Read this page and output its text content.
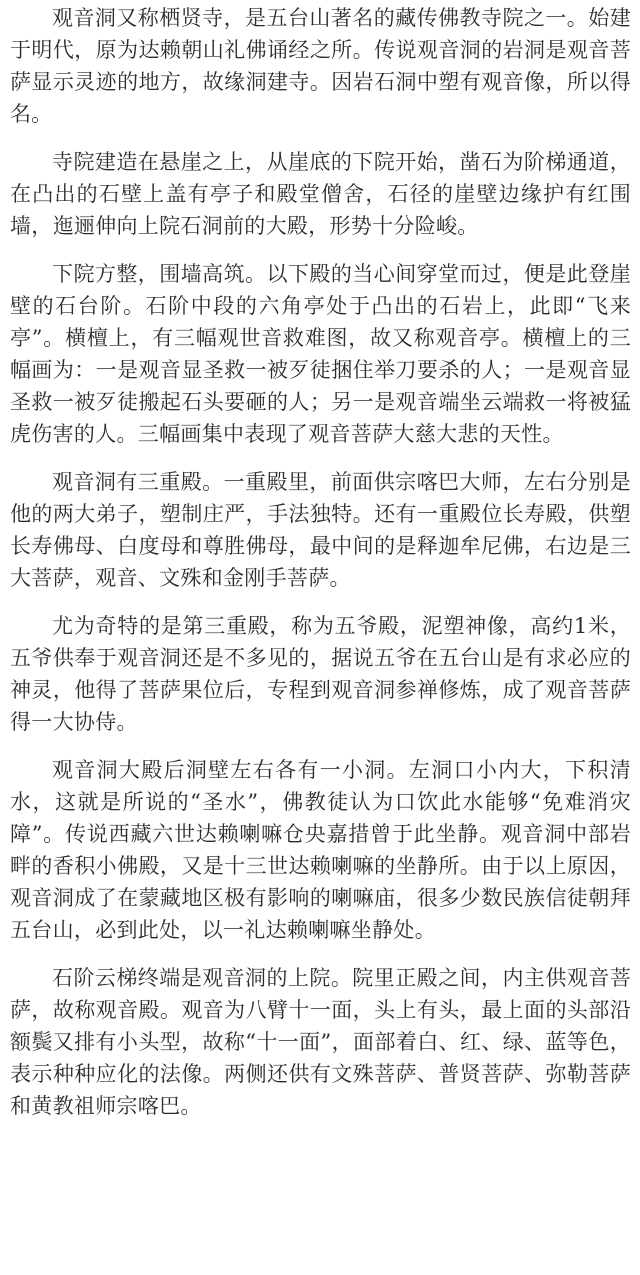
观音洞又称栖贤寺，是五台山著名的藏传佛教寺院之一。始建于明代，原为达赖朝山礼佛诵经之所。传说观音洞的岩洞是观音菩萨显示灵迹的地方，故缘洞建寺。因岩石洞中塑有观音像，所以得名。

寺院建造在悬崖之上，从崖底的下院开始，凿石为阶梯通道，在凸出的石壁上盖有亭子和殿堂僧舍，石径的崖壁边缘护有红围墙，迤逦伸向上院石洞前的大殿，形势十分险峻。

下院方整，围墙高筑。以下殿的当心间穿堂而过，便是此登崖壁的石台阶。石阶中段的六角亭处于凸出的石岩上，此即“飞来亭”。横檀上，有三幅观世音救难图，故又称观音亭。横檀上的三幅画为：一是观音显圣救一被歹徒捆住举刀要杀的人；一是观音显圣救一被歹徒搬起石头要砸的人；另一是观音端坐云端救一将被猛虎伤害的人。三幅画集中表现了观音菩萨大慈大悲的天性。

观音洞有三重殿。一重殿里，前面供宗喀巴大师，左右分别是他的两大弟子，塑制庄严，手法独特。还有一重殿位长寿殿，供塑长寿佛母、白度母和尊胜佛母，最中间的是释迦牟尼佛，右边是三大菩萨，观音、文殊和金刚手菩萨。

尤为奇特的是第三重殿，称为五爷殿，泥塑神像，高约1米，五爷供奉于观音洞还是不多见的，据说五爷在五台山是有求必应的神灵，他得了菩萨果位后，专程到观音洞参禅修炼，成了观音菩萨得一大协侍。

观音洞大殿后洞壁左右各有一小洞。左洞口小内大，下积清水，这就是所说的“圣水”，佛教徒认为口饮此水能够“免难消灾障”。传说西藏六世达赖喇嘛仓央嘉措曾于此坐静。观音洞中部岩畔的香积小佛殿，又是十三世达赖喇嘛的坐静所。由于以上原因，观音洞成了在蒙藏地区极有影响的喇嘛庙，很多少数民族信徒朝拜五台山，必到此处，以一礼达赖喇嘛坐静处。

石阶云梯终端是观音洞的上院。院里正殿之间，内主供观音菩萨，故称观音殿。观音为八臂十一面，头上有头，最上面的头部沿额鬓又排有小头型，故称“十一面”，面部着白、红、绿、蓝等色，表示种种应化的法像。两侧还供有文殊菩萨、普贤菩萨、弥勒菩萨和黄教祖师宗喀巴。
